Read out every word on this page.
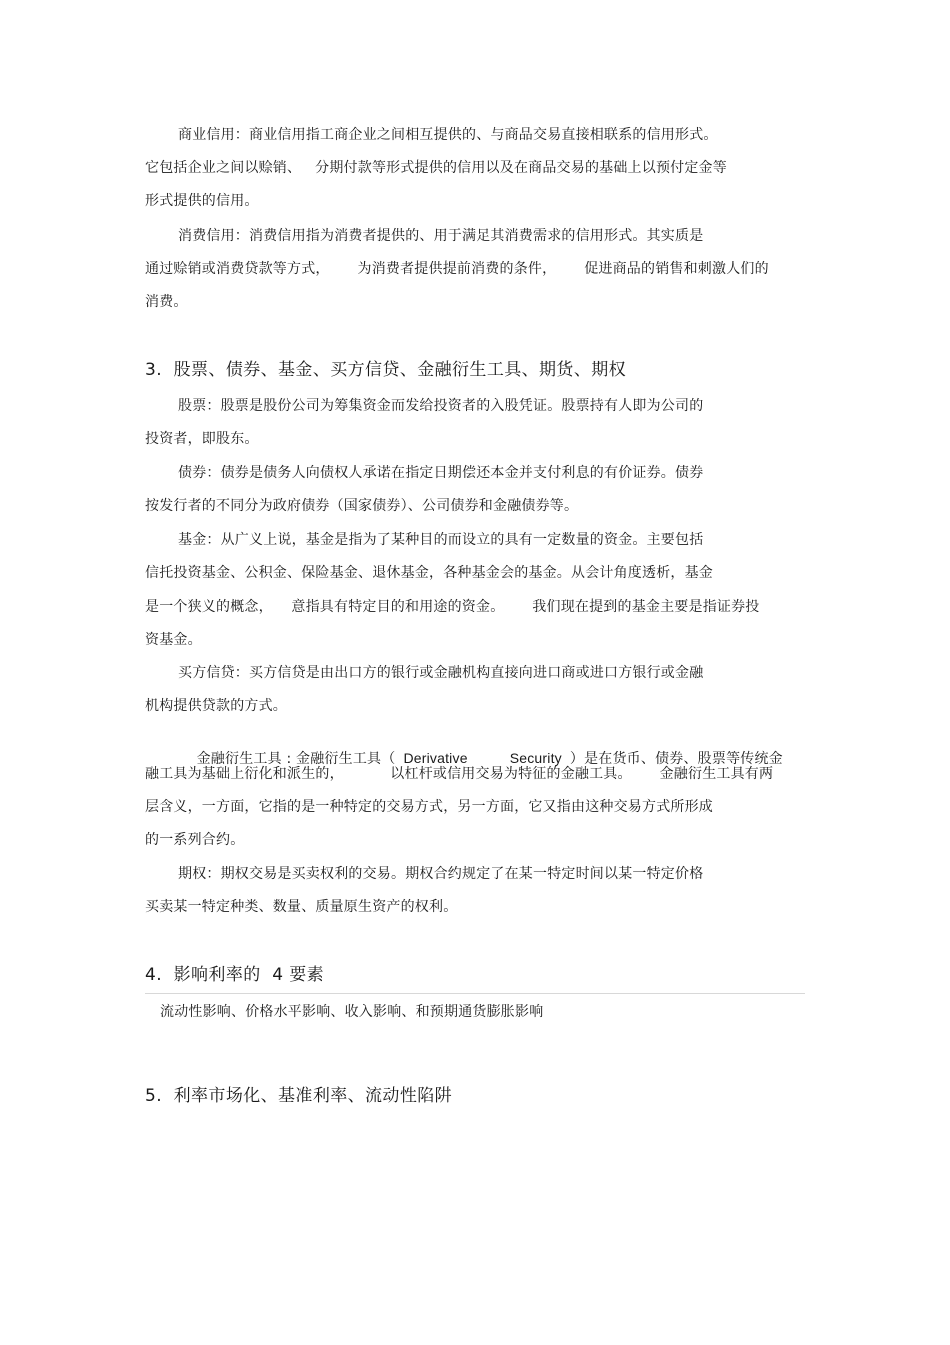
商业信用：商业信用指工商企业之间相互提供的、与商品交易直接相联系的信用形式。
它包括企业之间以赊销、   分期付款等形式提供的信用以及在商品交易的基础上以预付定金等
形式提供的信用。
消费信用：消费信用指为消费者提供的、用于满足其消费需求的信用形式。其实质是
通过赊销或消费贷款等方式，      为消费者提供提前消费的条件，      促进商品的销售和刺激人们的
消费。
3.  股票、债券、基金、买方信贷、金融衍生工具、期货、期权
股票：股票是股份公司为筹集资金而发给投资者的入股凭证。股票持有人即为公司的
投资者，即股东。
债券：债券是债务人向债权人承诺在指定日期偿还本金并支付利息的有价证券。债券
按发行者的不同分为政府债券（国家债券）、公司债券和金融债券等。
基金：从广义上说，基金是指为了某种目的而设立的具有一定数量的资金。主要包括
信托投资基金、公积金、保险基金、退休基金，各种基金会的基金。从会计角度透析，基金
是一个狭义的概念，    意指具有特定目的和用途的资金。      我们现在提到的基金主要是指证券投
资基金。
买方信贷：买方信贷是由出口方的银行或金融机构直接向进口商或进口方银行或金融
机构提供贷款的方式。

金融衍生工具 : 金融衍生工具（ Derivative	Security ）是在货币、债券、股票等传统金

融工具为基础上衍化和派生的，          以杠杆或信用交易为特征的金融工具。      金融衍生工具有两
层含义，一方面，它指的是一种特定的交易方式，另一方面，它又指由这种交易方式所形成
的一系列合约。
期权：期权交易是买卖权利的交易。期权合约规定了在某一特定时间以某一特定价格
买卖某一特定种类、数量、质量原生资产的权利。
4.  影响利率的  4 要素
流动性影响、价格水平影响、收入影响、和预期通货膨胀影响
5.  利率市场化、基准利率、流动性陷阱
